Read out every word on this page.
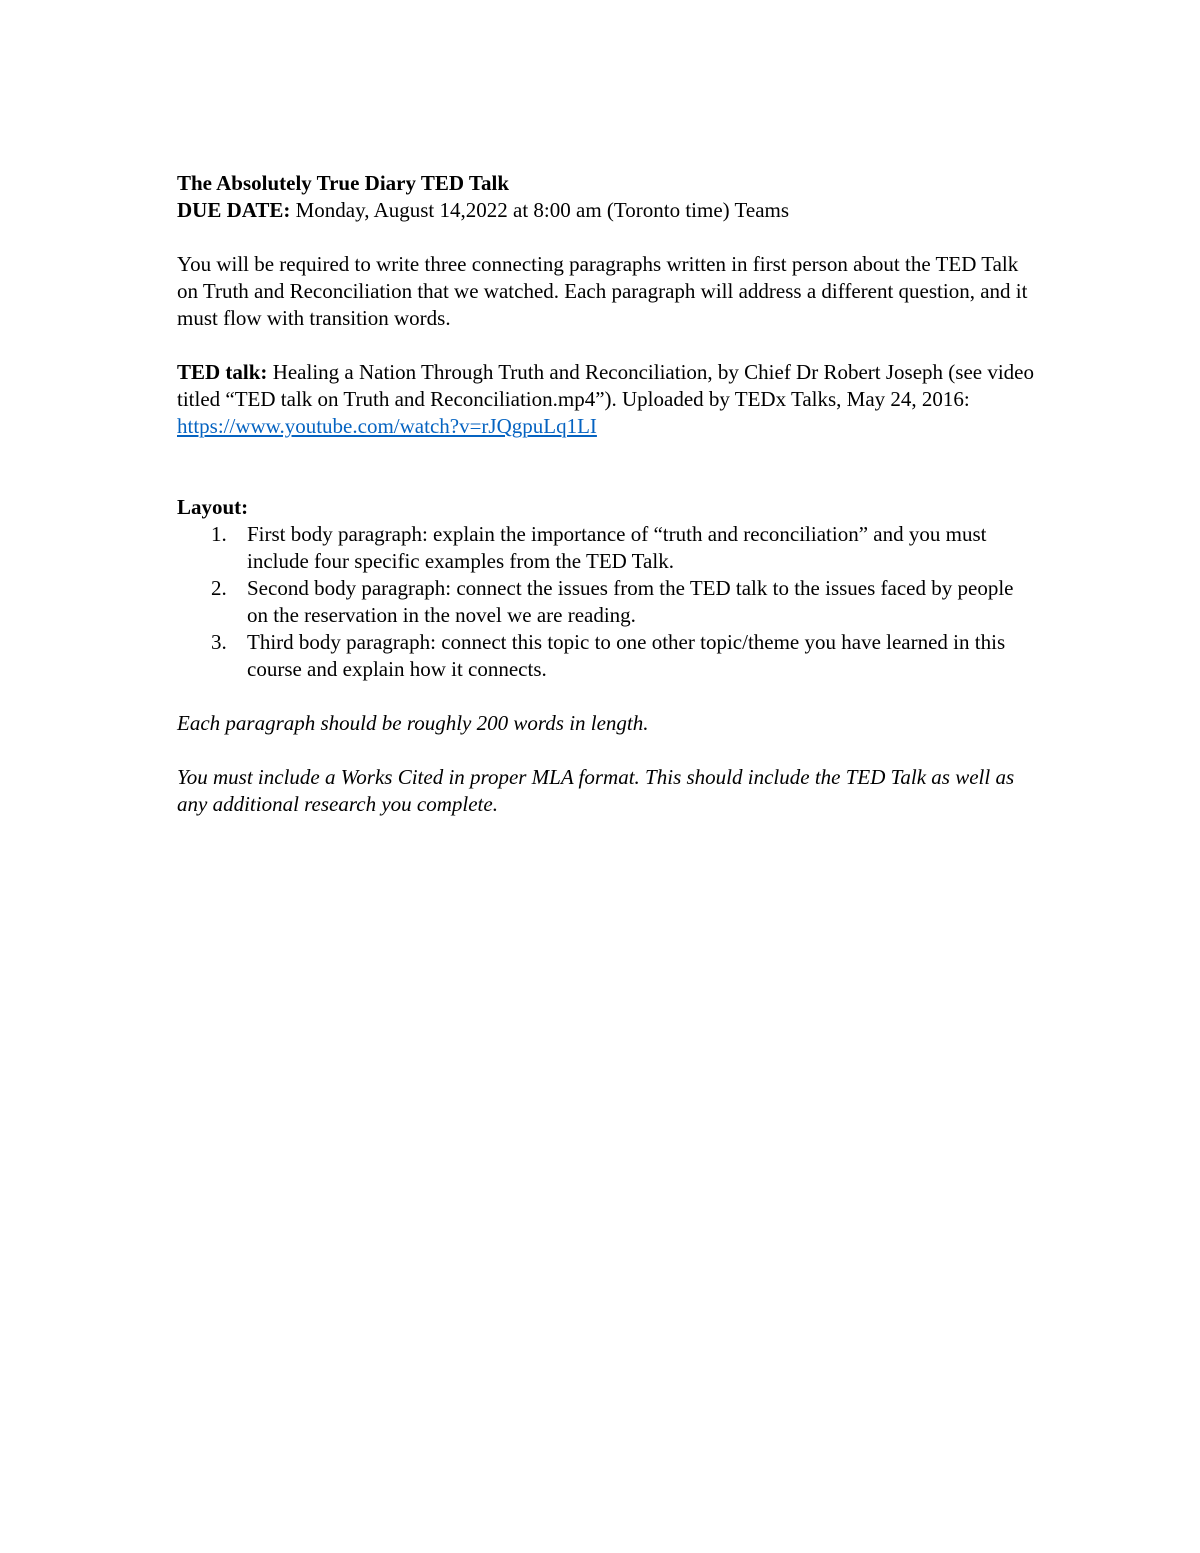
The Absolutely True Diary TED Talk

DUE DATE: Monday, August 14,2022 at 8:00 am (Toronto time) Teams

You will be required to write three connecting paragraphs written in first person about the TED Talk on Truth and Reconciliation that we watched. Each paragraph will address a different question, and it must flow with transition words.

TED talk: Healing a Nation Through Truth and Reconciliation, by Chief Dr Robert Joseph (see video titled “TED talk on Truth and Reconciliation.mp4”). Uploaded by TEDx Talks, May 24, 2016: https://www.youtube.com/watch?v=rJQgpuLq1LI

Layout:

1. First body paragraph: explain the importance of “truth and reconciliation” and you must include four specific examples from the TED Talk.
2. Second body paragraph: connect the issues from the TED talk to the issues faced by people on the reservation in the novel we are reading.
3. Third body paragraph: connect this topic to one other topic/theme you have learned in this course and explain how it connects.

Each paragraph should be roughly 200 words in length.

You must include a Works Cited in proper MLA format. This should include the TED Talk as well as any additional research you complete.
